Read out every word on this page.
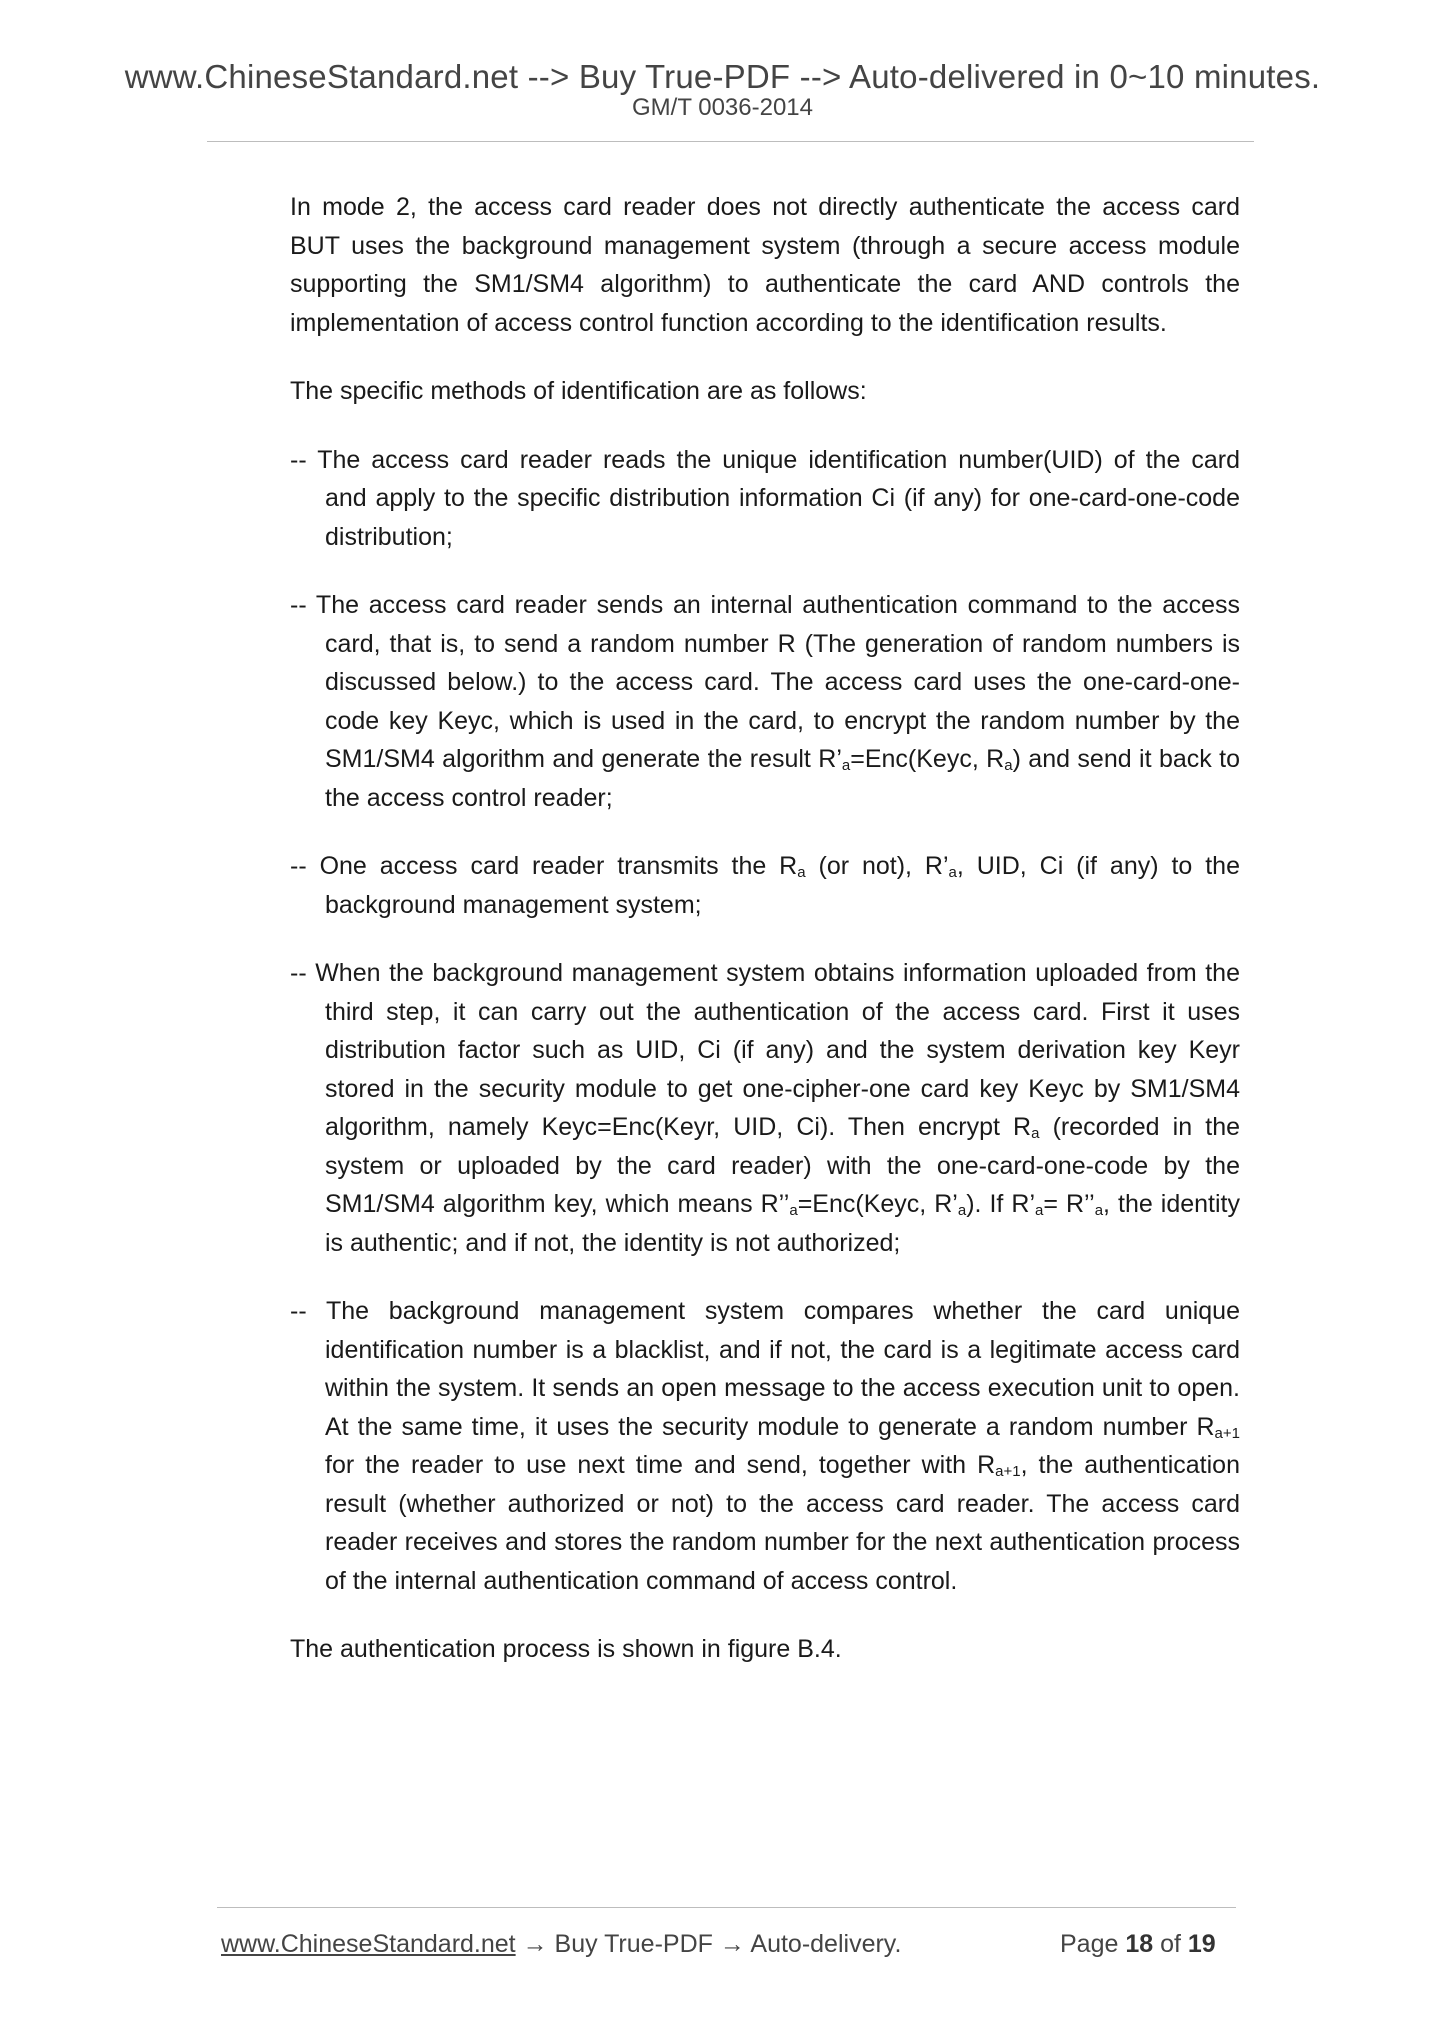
www.ChineseStandard.net --> Buy True-PDF --> Auto-delivered in 0~10 minutes.
GM/T 0036-2014

In mode 2, the access card reader does not directly authenticate the access card BUT uses the background management system (through a secure access module supporting the SM1/SM4 algorithm) to authenticate the card AND controls the implementation of access control function according to the identification results.

The specific methods of identification are as follows:

-- The access card reader reads the unique identification number(UID) of the card and apply to the specific distribution information Ci (if any) for one-card-one-code distribution;

-- The access card reader sends an internal authentication command to the access card, that is, to send a random number R (The generation of random numbers is discussed below.) to the access card. The access card uses the one-card-one-code key Keyc, which is used in the card, to encrypt the random number by the SM1/SM4 algorithm and generate the result $R’_a=Enc(Keyc$, $R_a$) and send it back to the access control reader;

-- One access card reader transmits the $R_a$ (or not), $R’_a$, UID, Ci (if any) to the background management system;

-- When the background management system obtains information uploaded from the third step, it can carry out the authentication of the access card. First it uses distribution factor such as UID, Ci (if any) and the system derivation key Keyr stored in the security module to get one-cipher-one card key Keyc by SM1/SM4 algorithm, namely Keyc=Enc(Keyr, UID, Ci). Then encrypt $R_a$ (recorded in the system or uploaded by the card reader) with the one-card-one-code by the SM1/SM4 algorithm key, which means $R’’_a=Enc(Keyc$, $R’_a$). If $R’_a=$ $R’’_a$, the identity is authentic; and if not, the identity is not authorized;

-- The background management system compares whether the card unique identification number is a blacklist, and if not, the card is a legitimate access card within the system. It sends an open message to the access execution unit to open. At the same time, it uses the security module to generate a random number $R_{a+1}$ for the reader to use next time and send, together with $R_{a+1}$, the authentication result (whether authorized or not) to the access card reader. The access card reader receives and stores the random number for the next authentication process of the internal authentication command of access control.

The authentication process is shown in figure B.4.

www.ChineseStandard.net → Buy True-PDF → Auto-delivery.	Page 18 of 19
